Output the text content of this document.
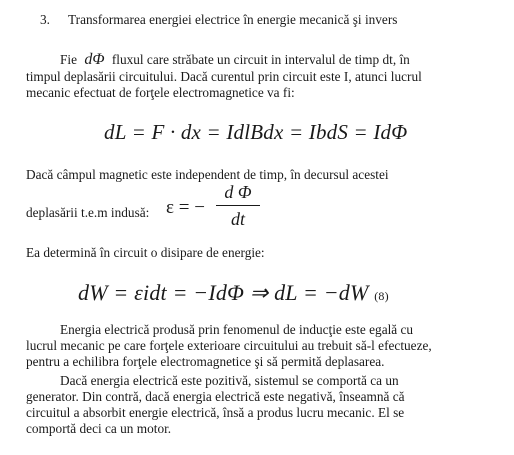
3. Transformarea energiei electrice în energie mecanică şi invers
Fie dΦ fluxul care străbate un circuit in intervalul de timp dt, în
timpul deplasării circuitului. Dacă curentul prin circuit este I, atunci lucrul
mecanic efectuat de forţele electromagnetice va fi:
dL = F · dx = IdlBdx = IbdS = IdΦ
Dacă câmpul magnetic este independent de timp, în decursul acestei
deplasării t.e.m indusă: ε = −
d Φ
dt
Ea determină în circuit o disipare de energie:
dW = εidt = −IdΦ ⇒ dL = −dW (8)
Energia electrică produsă prin fenomenul de inducţie este egală cu
lucrul mecanic pe care forţele exterioare circuitului au trebuit să-l efectueze,
pentru a echilibra forţele electromagnetice şi să permită deplasarea.
Dacă energia electrică este pozitivă, sistemul se comportă ca un
generator. Din contră, dacă energia electrică este negativă, înseamnă că
circuitul a absorbit energie electrică, însă a produs lucru mecanic. El se
comportă deci ca un motor.
